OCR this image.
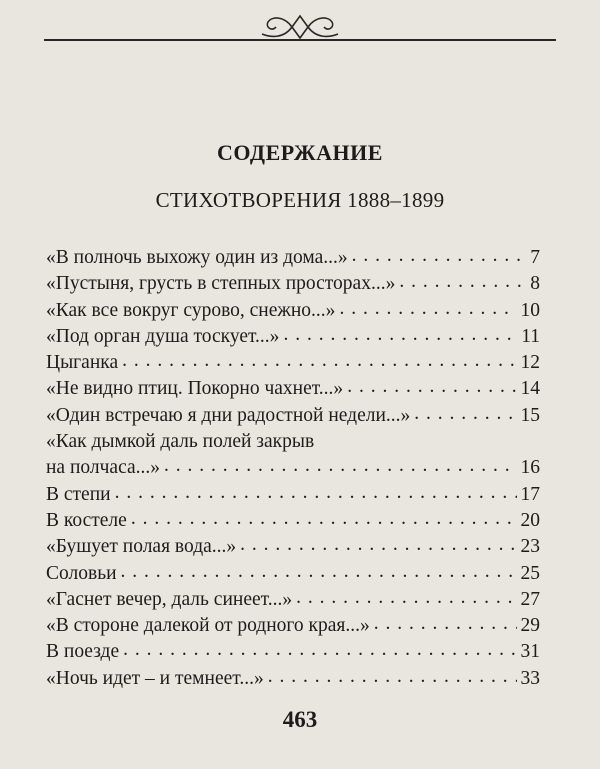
СОДЕРЖАНИЕ
СТИХОТВОРЕНИЯ 1888–1899
«В полночь выхожу один из дома...» . . .	7
«Пустыня, грусть в степных просторах...» . . .	8
«Как все вокруг сурово, снежно...» . . .	10
«Под орган душа тоскует...» . . .	11
Цыганка . . .	12
«Не видно птиц. Покорно чахнет...» . . .	14
«Один встречаю я дни радостной недели...» . . .	15
«Как дымкой даль полей закрыв
на полчаса...» . . .	16
В степи . . .	17
В костеле . . .	20
«Бушует полая вода...» . . .	23
Соловьи . . .	25
«Гаснет вечер, даль синеет...» . . .	27
«В стороне далекой от родного края...» . . .	29
В поезде . . .	31
«Ночь идет – и темнеет...» . . .	33
463
